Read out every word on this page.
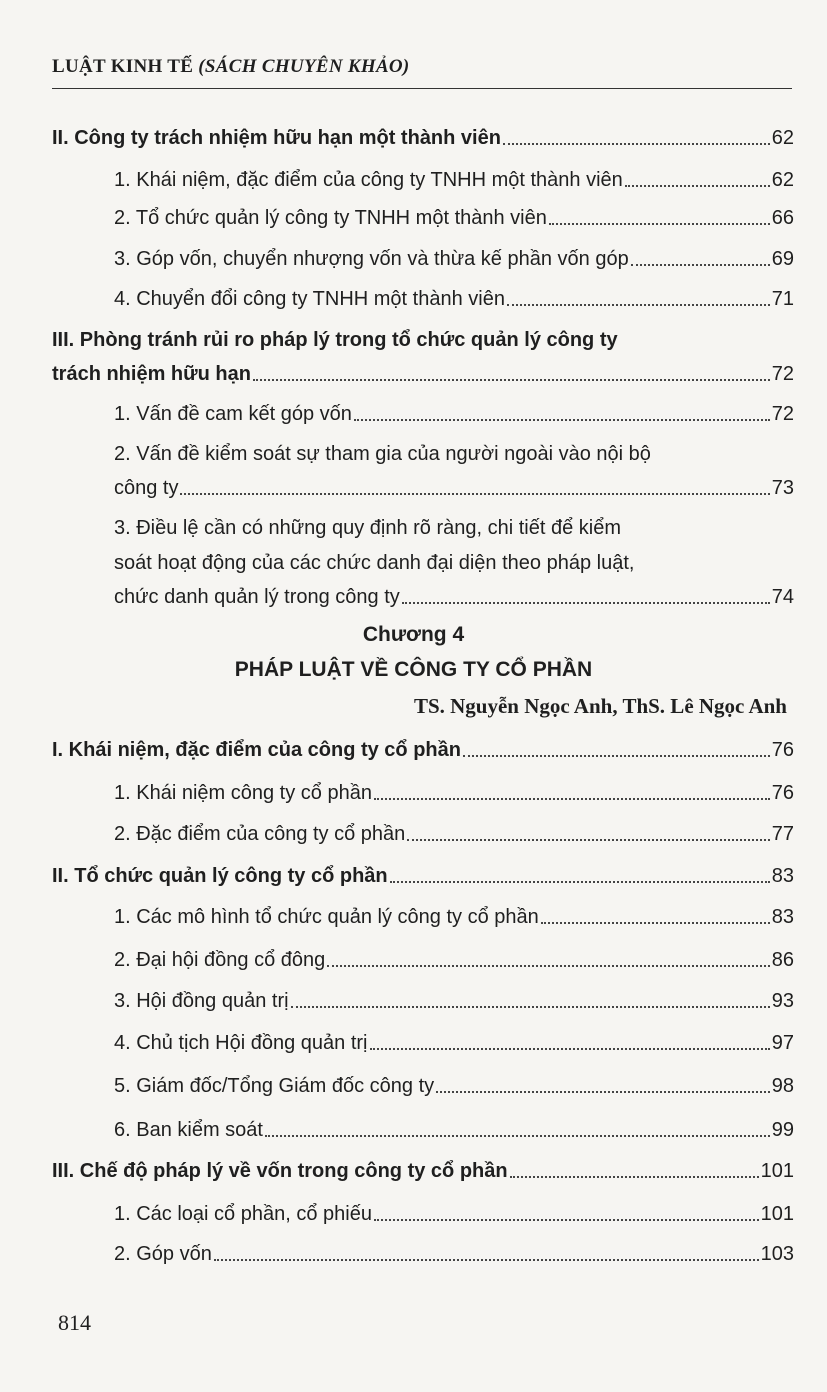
LUẬT KINH TẾ (SÁCH CHUYÊN KHẢO)
II. Công ty trách nhiệm hữu hạn một thành viên	62
1. Khái niệm, đặc điểm của công ty TNHH một thành viên	62
2. Tổ chức quản lý công ty TNHH một thành viên	66
3. Góp vốn, chuyển nhượng vốn và thừa kế phần vốn góp	69
4. Chuyển đổi công ty TNHH một thành viên	71
III. Phòng tránh rủi ro pháp lý trong tổ chức quản lý công ty
trách nhiệm hữu hạn	72
1. Vấn đề cam kết góp vốn	72
2. Vấn đề kiểm soát sự tham gia của người ngoài vào nội bộ
công ty	73
3. Điều lệ cần có những quy định rõ ràng, chi tiết để kiểm
soát hoạt động của các chức danh đại diện theo pháp luật,
chức danh quản lý trong công ty	74
Chương 4
PHÁP LUẬT VỀ CÔNG TY CỔ PHẦN
TS. Nguyễn Ngọc Anh, ThS. Lê Ngọc Anh
I. Khái niệm, đặc điểm của công ty cổ phần	76
1. Khái niệm công ty cổ phần	76
2. Đặc điểm của công ty cổ phần	77
II. Tổ chức quản lý công ty cổ phần	83
1. Các mô hình tổ chức quản lý công ty cổ phần	83
2. Đại hội đồng cổ đông	86
3. Hội đồng quản trị	93
4. Chủ tịch Hội đồng quản trị	97
5. Giám đốc/Tổng Giám đốc công ty	98
6. Ban kiểm soát	99
III. Chế độ pháp lý về vốn trong công ty cổ phần	101
1. Các loại cổ phần, cổ phiếu	101
2. Góp vốn	103
814
